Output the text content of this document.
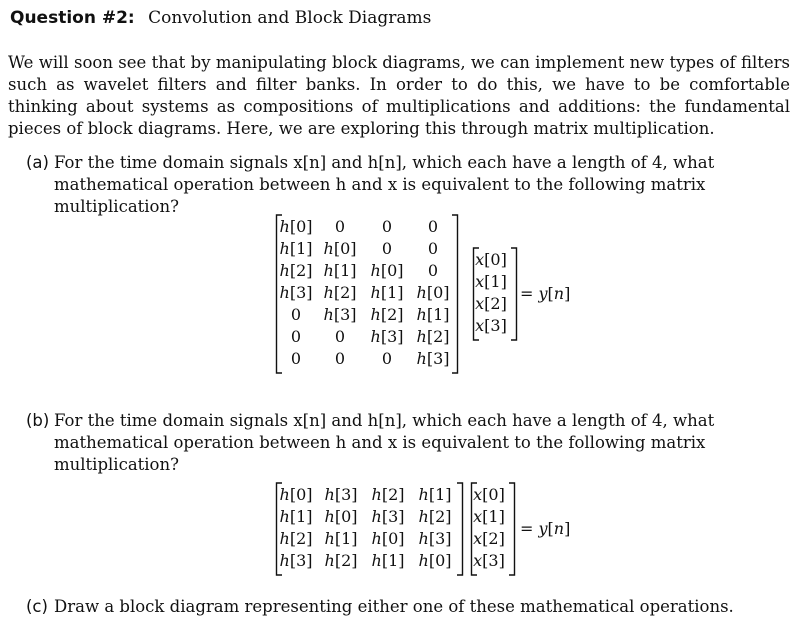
Question #2: Convolution and Block Diagrams
We will soon see that by manipulating block diagrams, we can implement new types of filters such as wavelet filters and filter banks. In order to do this, we have to be comfortable thinking about systems as compositions of multiplications and additions: the fundamental pieces of block diagrams. Here, we are exploring this through matrix multiplication.
(a) For the time domain signals x[n] and h[n], which each have a length of 4, what mathematical operation between h and x is equivalent to the following matrix multiplication?
h[0] 0 0 0
h[1] h[0] 0 0
h[2] h[1] h[0] 0
h[3] h[2] h[1] h[0]
0 h[3] h[2] h[1]
0 0 h[3] h[2]
0 0 0 h[3]
x[0]
x[1]
x[2]
x[3]
= y[n]
(b) For the time domain signals x[n] and h[n], which each have a length of 4, what mathematical operation between h and x is equivalent to the following matrix multiplication?
h[0] h[3] h[2] h[1]
h[1] h[0] h[3] h[2]
h[2] h[1] h[0] h[3]
h[3] h[2] h[1] h[0]
x[0]
x[1]
x[2]
x[3]
= y[n]
(c) Draw a block diagram representing either one of these mathematical operations.
